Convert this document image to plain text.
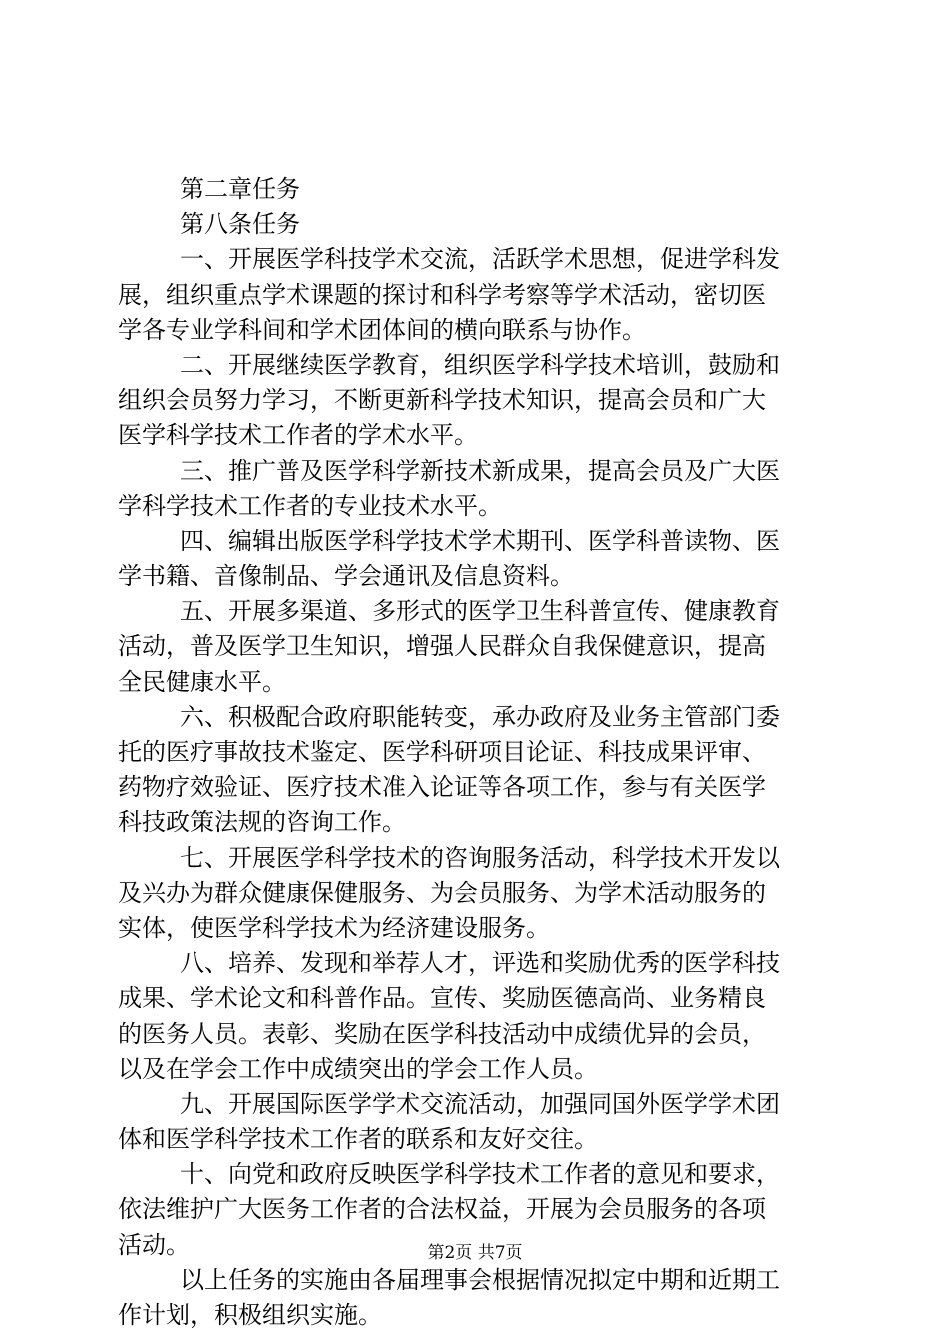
第二章任务
第八条任务
一、开展医学科技学术交流，活跃学术思想，促进学科发
展，组织重点学术课题的探讨和科学考察等学术活动，密切医
学各专业学科间和学术团体间的横向联系与协作。
二、开展继续医学教育，组织医学科学技术培训，鼓励和
组织会员努力学习，不断更新科学技术知识，提高会员和广大
医学科学技术工作者的学术水平。
三、推广普及医学科学新技术新成果，提高会员及广大医
学科学技术工作者的专业技术水平。
四、编辑出版医学科学技术学术期刊、医学科普读物、医
学书籍、音像制品、学会通讯及信息资料。
五、开展多渠道、多形式的医学卫生科普宣传、健康教育
活动，普及医学卫生知识，增强人民群众自我保健意识，提高
全民健康水平。
六、积极配合政府职能转变，承办政府及业务主管部门委
托的医疗事故技术鉴定、医学科研项目论证、科技成果评审、
药物疗效验证、医疗技术准入论证等各项工作，参与有关医学
科技政策法规的咨询工作。
七、开展医学科学技术的咨询服务活动，科学技术开发以
及兴办为群众健康保健服务、为会员服务、为学术活动服务的
实体，使医学科学技术为经济建设服务。
八、培养、发现和举荐人才，评选和奖励优秀的医学科技
成果、学术论文和科普作品。宣传、奖励医德高尚、业务精良
的医务人员。表彰、奖励在医学科技活动中成绩优异的会员，
以及在学会工作中成绩突出的学会工作人员。
九、开展国际医学学术交流活动，加强同国外医学学术团
体和医学科学技术工作者的联系和友好交往。
十、向党和政府反映医学科学技术工作者的意见和要求，
依法维护广大医务工作者的合法权益，开展为会员服务的各项
活动。
以上任务的实施由各届理事会根据情况拟定中期和近期工
作计划，积极组织实施。
第2页 共7页
